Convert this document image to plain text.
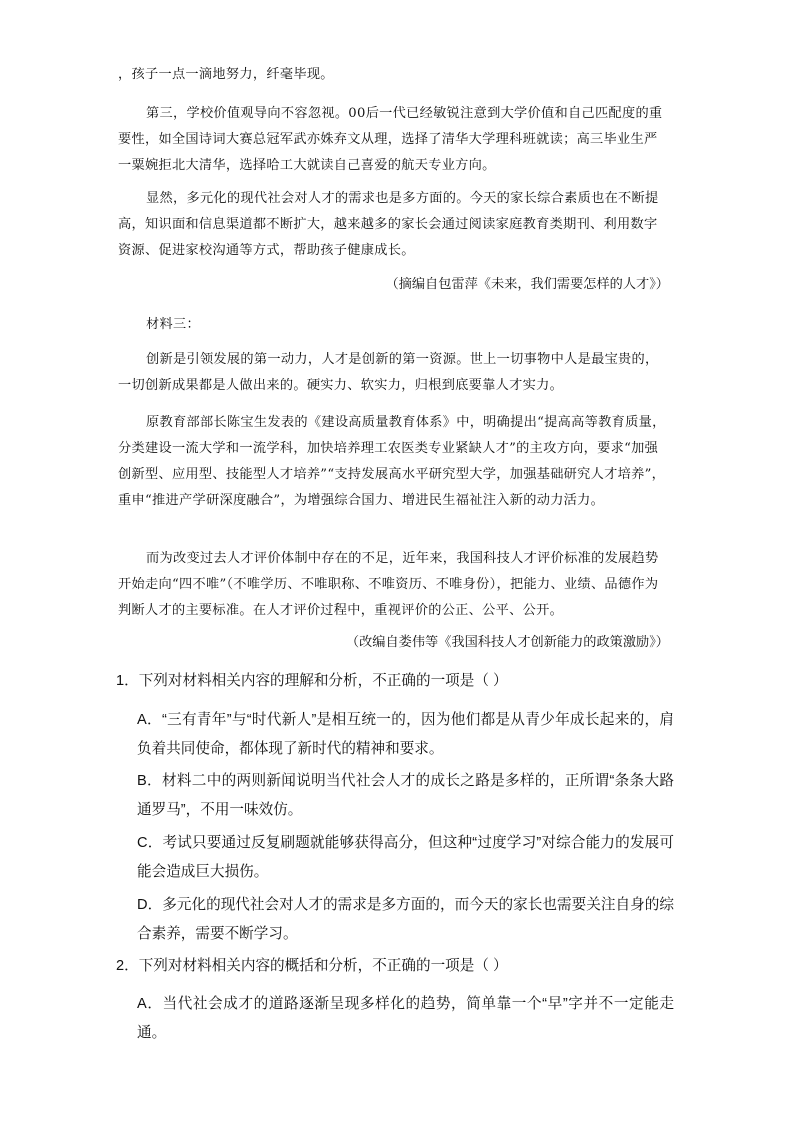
，孩子一点一滴地努力，纤毫毕现。

第三，学校价值观导向不容忽视。00后一代已经敏锐注意到大学价值和自己匹配度的重要性，如全国诗词大赛总冠军武亦姝弃文从理，选择了清华大学理科班就读；高三毕业生严一粟婉拒北大清华，选择哈工大就读自己喜爱的航天专业方向。

显然，多元化的现代社会对人才的需求也是多方面的。今天的家长综合素质也在不断提高，知识面和信息渠道都不断扩大，越来越多的家长会通过阅读家庭教育类期刊、利用数字资源、促进家校沟通等方式，帮助孩子健康成长。

（摘编自包雷萍《未来，我们需要怎样的人才》）

材料三：

创新是引领发展的第一动力，人才是创新的第一资源。世上一切事物中人是最宝贵的，一切创新成果都是人做出来的。硬实力、软实力，归根到底要靠人才实力。

原教育部部长陈宝生发表的《建设高质量教育体系》中，明确提出“提高高等教育质量，分类建设一流大学和一流学科，加快培养理工农医类专业紧缺人才”的主攻方向，要求“加强创新型、应用型、技能型人才培养”“支持发展高水平研究型大学，加强基础研究人才培养”，重申“推进产学研深度融合”，为增强综合国力、增进民生福祉注入新的动力活力。

而为改变过去人才评价体制中存在的不足，近年来，我国科技人才评价标准的发展趋势开始走向“四不唯”（不唯学历、不唯职称、不唯资历、不唯身份），把能力、业绩、品德作为判断人才的主要标准。在人才评价过程中，重视评价的公正、公平、公开。

（改编自娄伟等《我国科技人才创新能力的政策激励》）

1．下列对材料相关内容的理解和分析，不正确的一项是（ ）

A．“三有青年”与“时代新人”是相互统一的，因为他们都是从青少年成长起来的，肩负着共同使命，都体现了新时代的精神和要求。

B．材料二中的两则新闻说明当代社会人才的成长之路是多样的，正所谓“条条大路通罗马”，不用一味效仿。

C．考试只要通过反复刷题就能够获得高分，但这种“过度学习”对综合能力的发展可能会造成巨大损伤。

D．多元化的现代社会对人才的需求是多方面的，而今天的家长也需要关注自身的综合素养，需要不断学习。

2．下列对材料相关内容的概括和分析，不正确的一项是（ ）

A．当代社会成才的道路逐渐呈现多样化的趋势，简单靠一个“早”字并不一定能走通。
